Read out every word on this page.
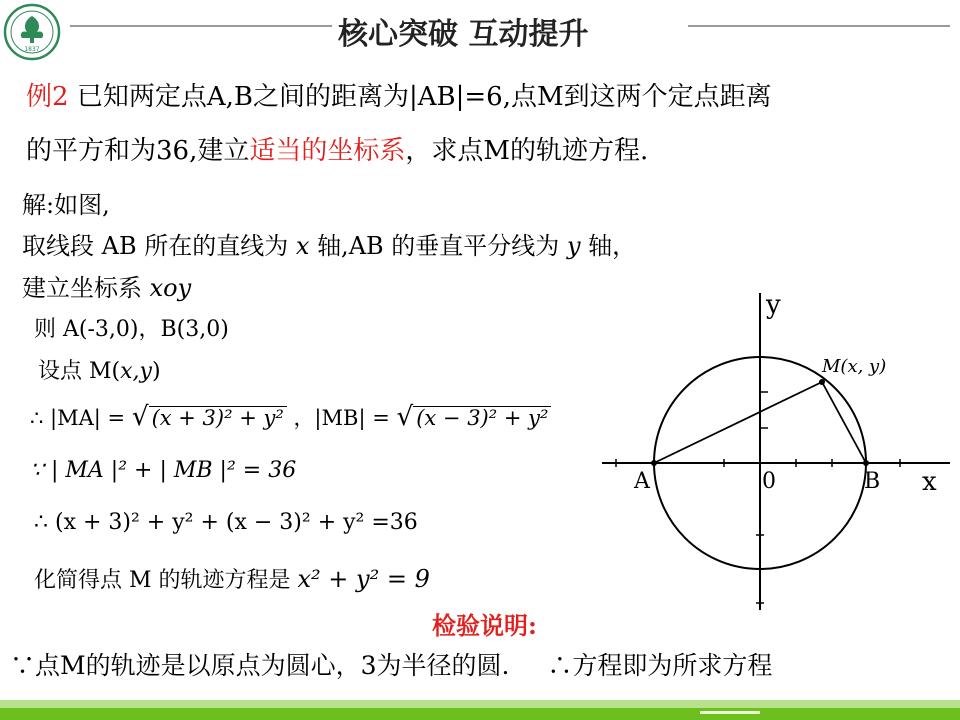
1837	核心突破 互动提升
例2 已知两定点A,B之间的距离为|AB|=6,点M到这两个定点距离
的平方和为36,建立适当的坐标系，求点M的轨迹方程.
解:如图,
取线段 AB 所在的直线为 x 轴,AB 的垂直平分线为 y 轴，
建立坐标系 xoy
则 A(-3,0)，B(3,0)
设点 M(x,y)
∴ |MA| = √ (x + 3)² + y² ，|MB| = √ (x − 3)² + y²
∵ | MA |² + | MB |² = 36
∴ (x + 3)² + y² + (x − 3)² + y² =36
化简得点 M 的轨迹方程是 x² + y² = 9
检验说明:
∵点M的轨迹是以原点为圆心，3为半径的圆. ∴方程即为所求方程
y
x
0
A	B
M(x, y)
